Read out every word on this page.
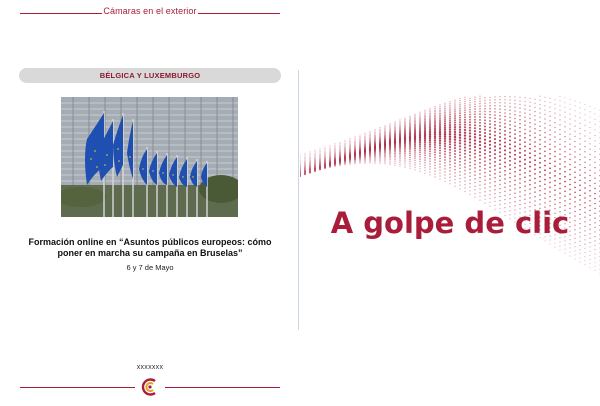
Cámaras en el exterior
BÉLGICA Y LUXEMBURGO
Formación online en “Asuntos públicos europeos: cómo poner en marcha su campaña en Bruselas”
6 y 7 de Mayo
xxxxxxx
A golpe de clic
